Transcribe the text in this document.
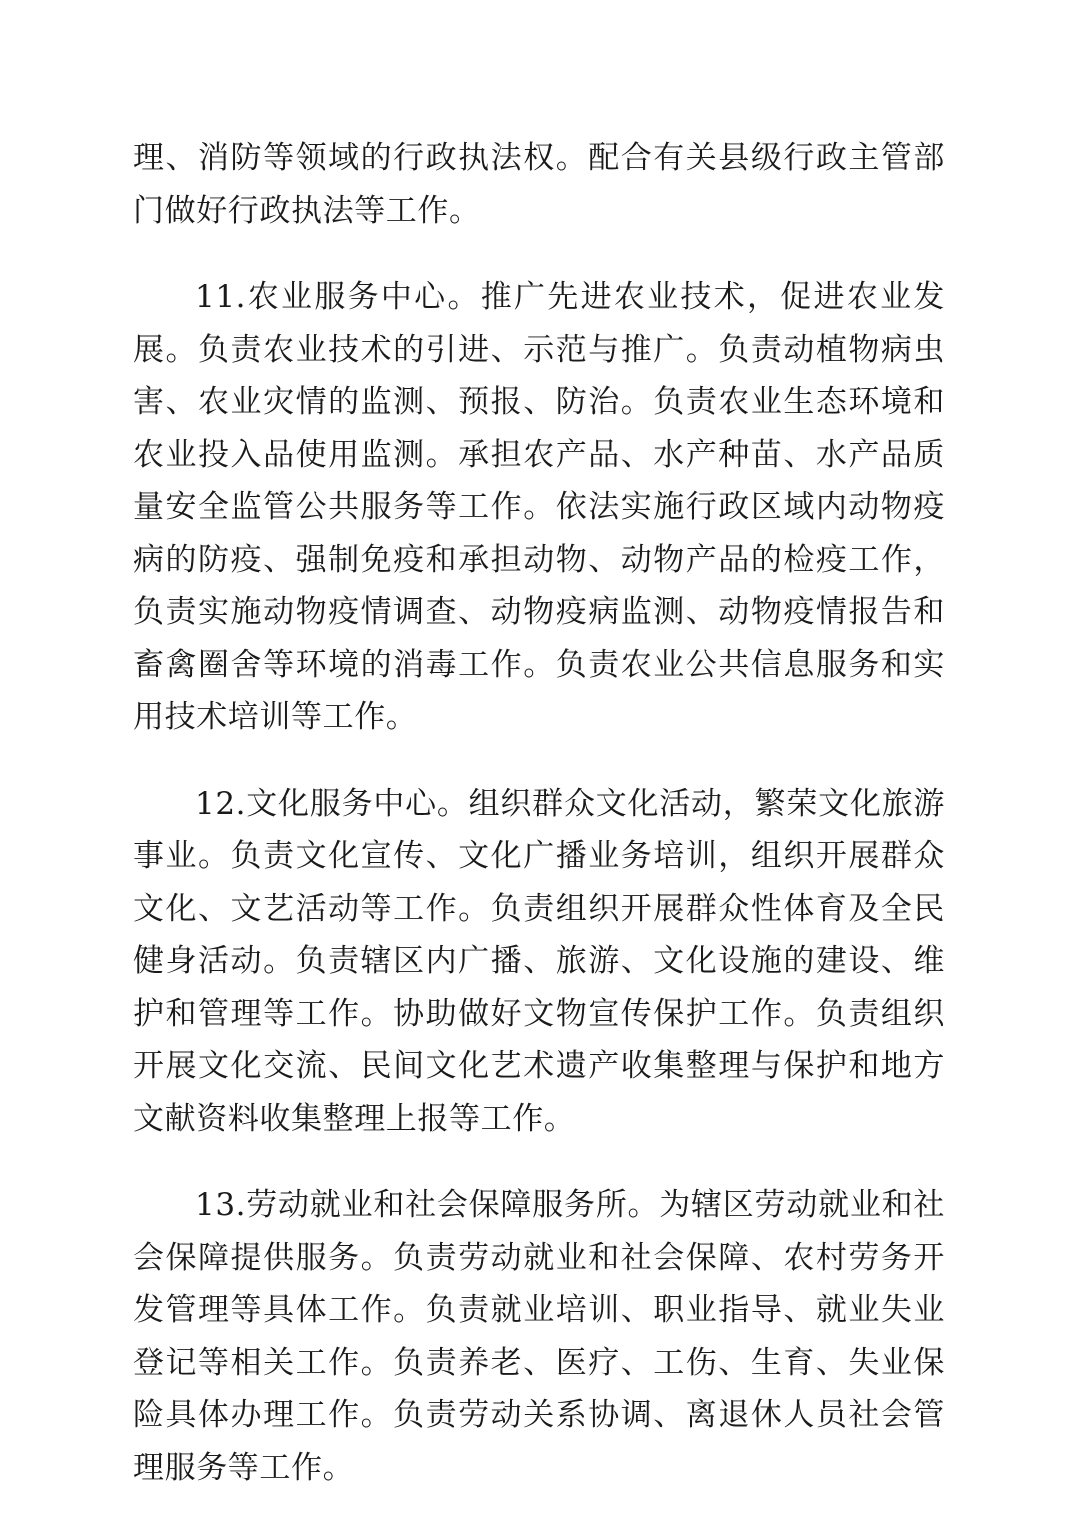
理、消防等领域的行政执法权。配合有关县级行政主管部门做好行政执法等工作。

11.农业服务中心。推广先进农业技术，促进农业发展。负责农业技术的引进、示范与推广。负责动植物病虫害、农业灾情的监测、预报、防治。负责农业生态环境和农业投入品使用监测。承担农产品、水产种苗、水产品质量安全监管公共服务等工作。依法实施行政区域内动物疫病的防疫、强制免疫和承担动物、动物产品的检疫工作，负责实施动物疫情调查、动物疫病监测、动物疫情报告和畜禽圈舍等环境的消毒工作。负责农业公共信息服务和实用技术培训等工作。

12.文化服务中心。组织群众文化活动，繁荣文化旅游事业。负责文化宣传、文化广播业务培训，组织开展群众文化、文艺活动等工作。负责组织开展群众性体育及全民健身活动。负责辖区内广播、旅游、文化设施的建设、维护和管理等工作。协助做好文物宣传保护工作。负责组织开展文化交流、民间文化艺术遗产收集整理与保护和地方文献资料收集整理上报等工作。

13.劳动就业和社会保障服务所。为辖区劳动就业和社会保障提供服务。负责劳动就业和社会保障、农村劳务开发管理等具体工作。负责就业培训、职业指导、就业失业登记等相关工作。负责养老、医疗、工伤、生育、失业保险具体办理工作。负责劳动关系协调、离退休人员社会管理服务等工作。
